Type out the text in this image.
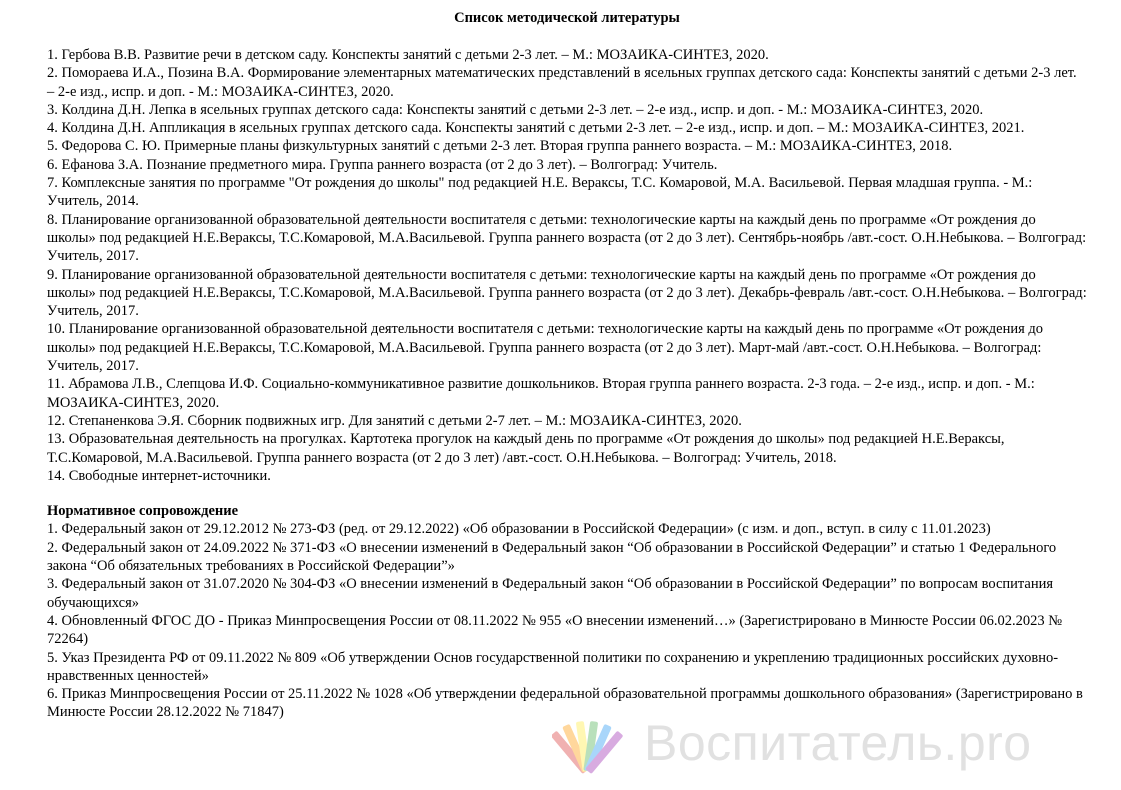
Список методической литературы

1. Гербова В.В. Развитие речи в детском саду. Конспекты занятий с детьми 2-3 лет. – М.: МОЗАИКА-СИНТЕЗ, 2020.

2. Помораева И.А., Позина В.А. Формирование элементарных математических представлений в ясельных группах детского сада: Конспекты занятий с детьми 2-3 лет. – 2-е изд., испр. и доп. - М.: МОЗАИКА-СИНТЕЗ, 2020.

3. Колдина Д.Н. Лепка в ясельных группах детского сада: Конспекты занятий с детьми 2-3 лет. – 2-е изд., испр. и доп. - М.: МОЗАИКА-СИНТЕЗ, 2020.

4. Колдина Д.Н. Аппликация в ясельных группах детского сада. Конспекты занятий с детьми 2-3 лет. – 2-е изд., испр. и доп. – М.: МОЗАИКА-СИНТЕЗ, 2021.

5. Федорова С. Ю. Примерные планы физкультурных занятий с детьми 2-3 лет. Вторая группа раннего возраста. – М.: МОЗАИКА-СИНТЕЗ, 2018.

6. Ефанова З.А. Познание предметного мира. Группа раннего возраста (от 2 до 3 лет). – Волгоград: Учитель.

7. Комплексные занятия по программе "От рождения до школы" под редакцией Н.Е. Вераксы, Т.С. Комаровой, М.А. Васильевой. Первая младшая группа. - М.: Учитель, 2014.

8. Планирование организованной образовательной деятельности воспитателя с детьми: технологические карты на каждый день по программе «От рождения до школы» под редакцией Н.Е.Вераксы, Т.С.Комаровой, М.А.Васильевой. Группа раннего возраста (от 2 до 3 лет). Сентябрь-ноябрь /авт.-сост. О.Н.Небыкова. – Волгоград: Учитель, 2017.

9. Планирование организованной образовательной деятельности воспитателя с детьми: технологические карты на каждый день по программе «От рождения до школы» под редакцией Н.Е.Вераксы, Т.С.Комаровой, М.А.Васильевой. Группа раннего возраста (от 2 до 3 лет). Декабрь-февраль /авт.-сост. О.Н.Небыкова. – Волгоград: Учитель, 2017.

10. Планирование организованной образовательной деятельности воспитателя с детьми: технологические карты на каждый день по программе «От рождения до школы» под редакцией Н.Е.Вераксы, Т.С.Комаровой, М.А.Васильевой. Группа раннего возраста (от 2 до 3 лет). Март-май /авт.-сост. О.Н.Небыкова. – Волгоград: Учитель, 2017.

11. Абрамова Л.В., Слепцова И.Ф. Социально-коммуникативное развитие дошкольников. Вторая группа раннего возраста. 2-3 года. – 2-е изд., испр. и доп. - М.: МОЗАИКА-СИНТЕЗ, 2020.

12. Степаненкова Э.Я. Сборник подвижных игр. Для занятий с детьми 2-7 лет. – М.: МОЗАИКА-СИНТЕЗ, 2020.

13. Образовательная деятельность на прогулках. Картотека прогулок на каждый день по программе «От рождения до школы» под редакцией Н.Е.Вераксы, Т.С.Комаровой, М.А.Васильевой. Группа раннего возраста (от 2 до 3 лет) /авт.-сост. О.Н.Небыкова. – Волгоград: Учитель, 2018.

14. Свободные интернет-источники.

Нормативное сопровождение

1. Федеральный закон от 29.12.2012 № 273-ФЗ (ред. от 29.12.2022) «Об образовании в Российской Федерации» (с изм. и доп., вступ. в силу с 11.01.2023)

2. Федеральный закон от 24.09.2022 № 371-ФЗ «О внесении изменений в Федеральный закон “Об образовании в Российской Федерации” и статью 1 Федерального закона “Об обязательных требованиях в Российской Федерации”»

3. Федеральный закон от 31.07.2020 № 304-ФЗ «О внесении изменений в Федеральный закон “Об образовании в Российской Федерации” по вопросам воспитания обучающихся»

4. Обновленный ФГОС ДО - Приказ Минпросвещения России от 08.11.2022 № 955 «О внесении изменений…» (Зарегистрировано в Минюсте России 06.02.2023 № 72264)

5. Указ Президента РФ от 09.11.2022 № 809 «Об утверждении Основ государственной политики по сохранению и укреплению традиционных российских духовно-нравственных ценностей»

6. Приказ Минпросвещения России от 25.11.2022 № 1028 «Об утверждении федеральной образовательной программы дошкольного образования» (Зарегистрировано в Минюсте России 28.12.2022 № 71847)

Воспитатель.pro
